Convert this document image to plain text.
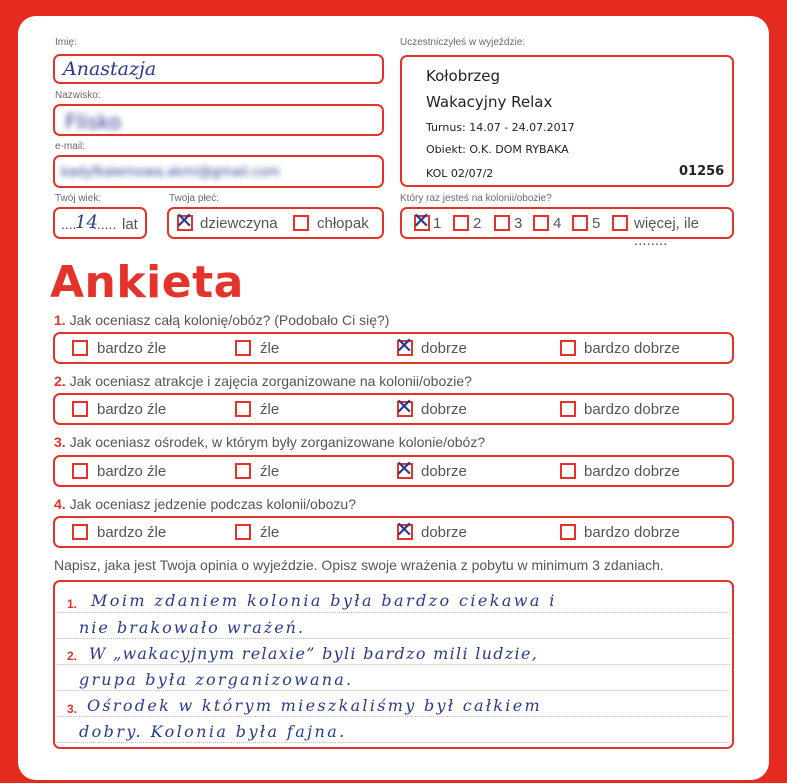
Imię:
Anastazja
Nazwisko:
Flisko
e-mail:
kadyfkalemowa.akmi@gmail.com
Twój wiek:
....
14
...... lat
Twoja płeć:
✕ dziewczyna	chłopak
Uczestniczyłeś w wyjeździe:
Kołobrzeg
Wakacyjny Relax
Turnus: 14.07 - 24.07.2017
Obiekt: O.K. DOM RYBAKA
KOL 02/07/2	01256
Który raz jesteś na kolonii/obozie?
✕ 1 2 3 4 5 więcej, ile ........
Ankieta
1. Jak oceniasz całą kolonię/obóz? (Podobało Ci się?)
bardzo źle	źle	✕ dobrze	bardzo dobrze
2. Jak oceniasz atrakcje i zajęcia zorganizowane na kolonii/obozie?
bardzo źle	źle	✕ dobrze	bardzo dobrze
3. Jak oceniasz ośrodek, w którym były zorganizowane kolonie/obóz?
bardzo źle	źle	✕ dobrze	bardzo dobrze
4. Jak oceniasz jedzenie podczas kolonii/obozu?
bardzo źle	źle	✕ dobrze	bardzo dobrze
Napisz, jaka jest Twoja opinia o wyjeździe. Opisz swoje wrażenia z pobytu w minimum 3 zdaniach.
1.
2.
3.
Moim zdaniem kolonia była bardzo ciekawa i
nie brakowało wrażeń.
W „wakacyjnym relaxie” byli bardzo mili ludzie,
grupa była zorganizowana.
Ośrodek w którym mieszkaliśmy był całkiem
dobry. Kolonia była fajna.
